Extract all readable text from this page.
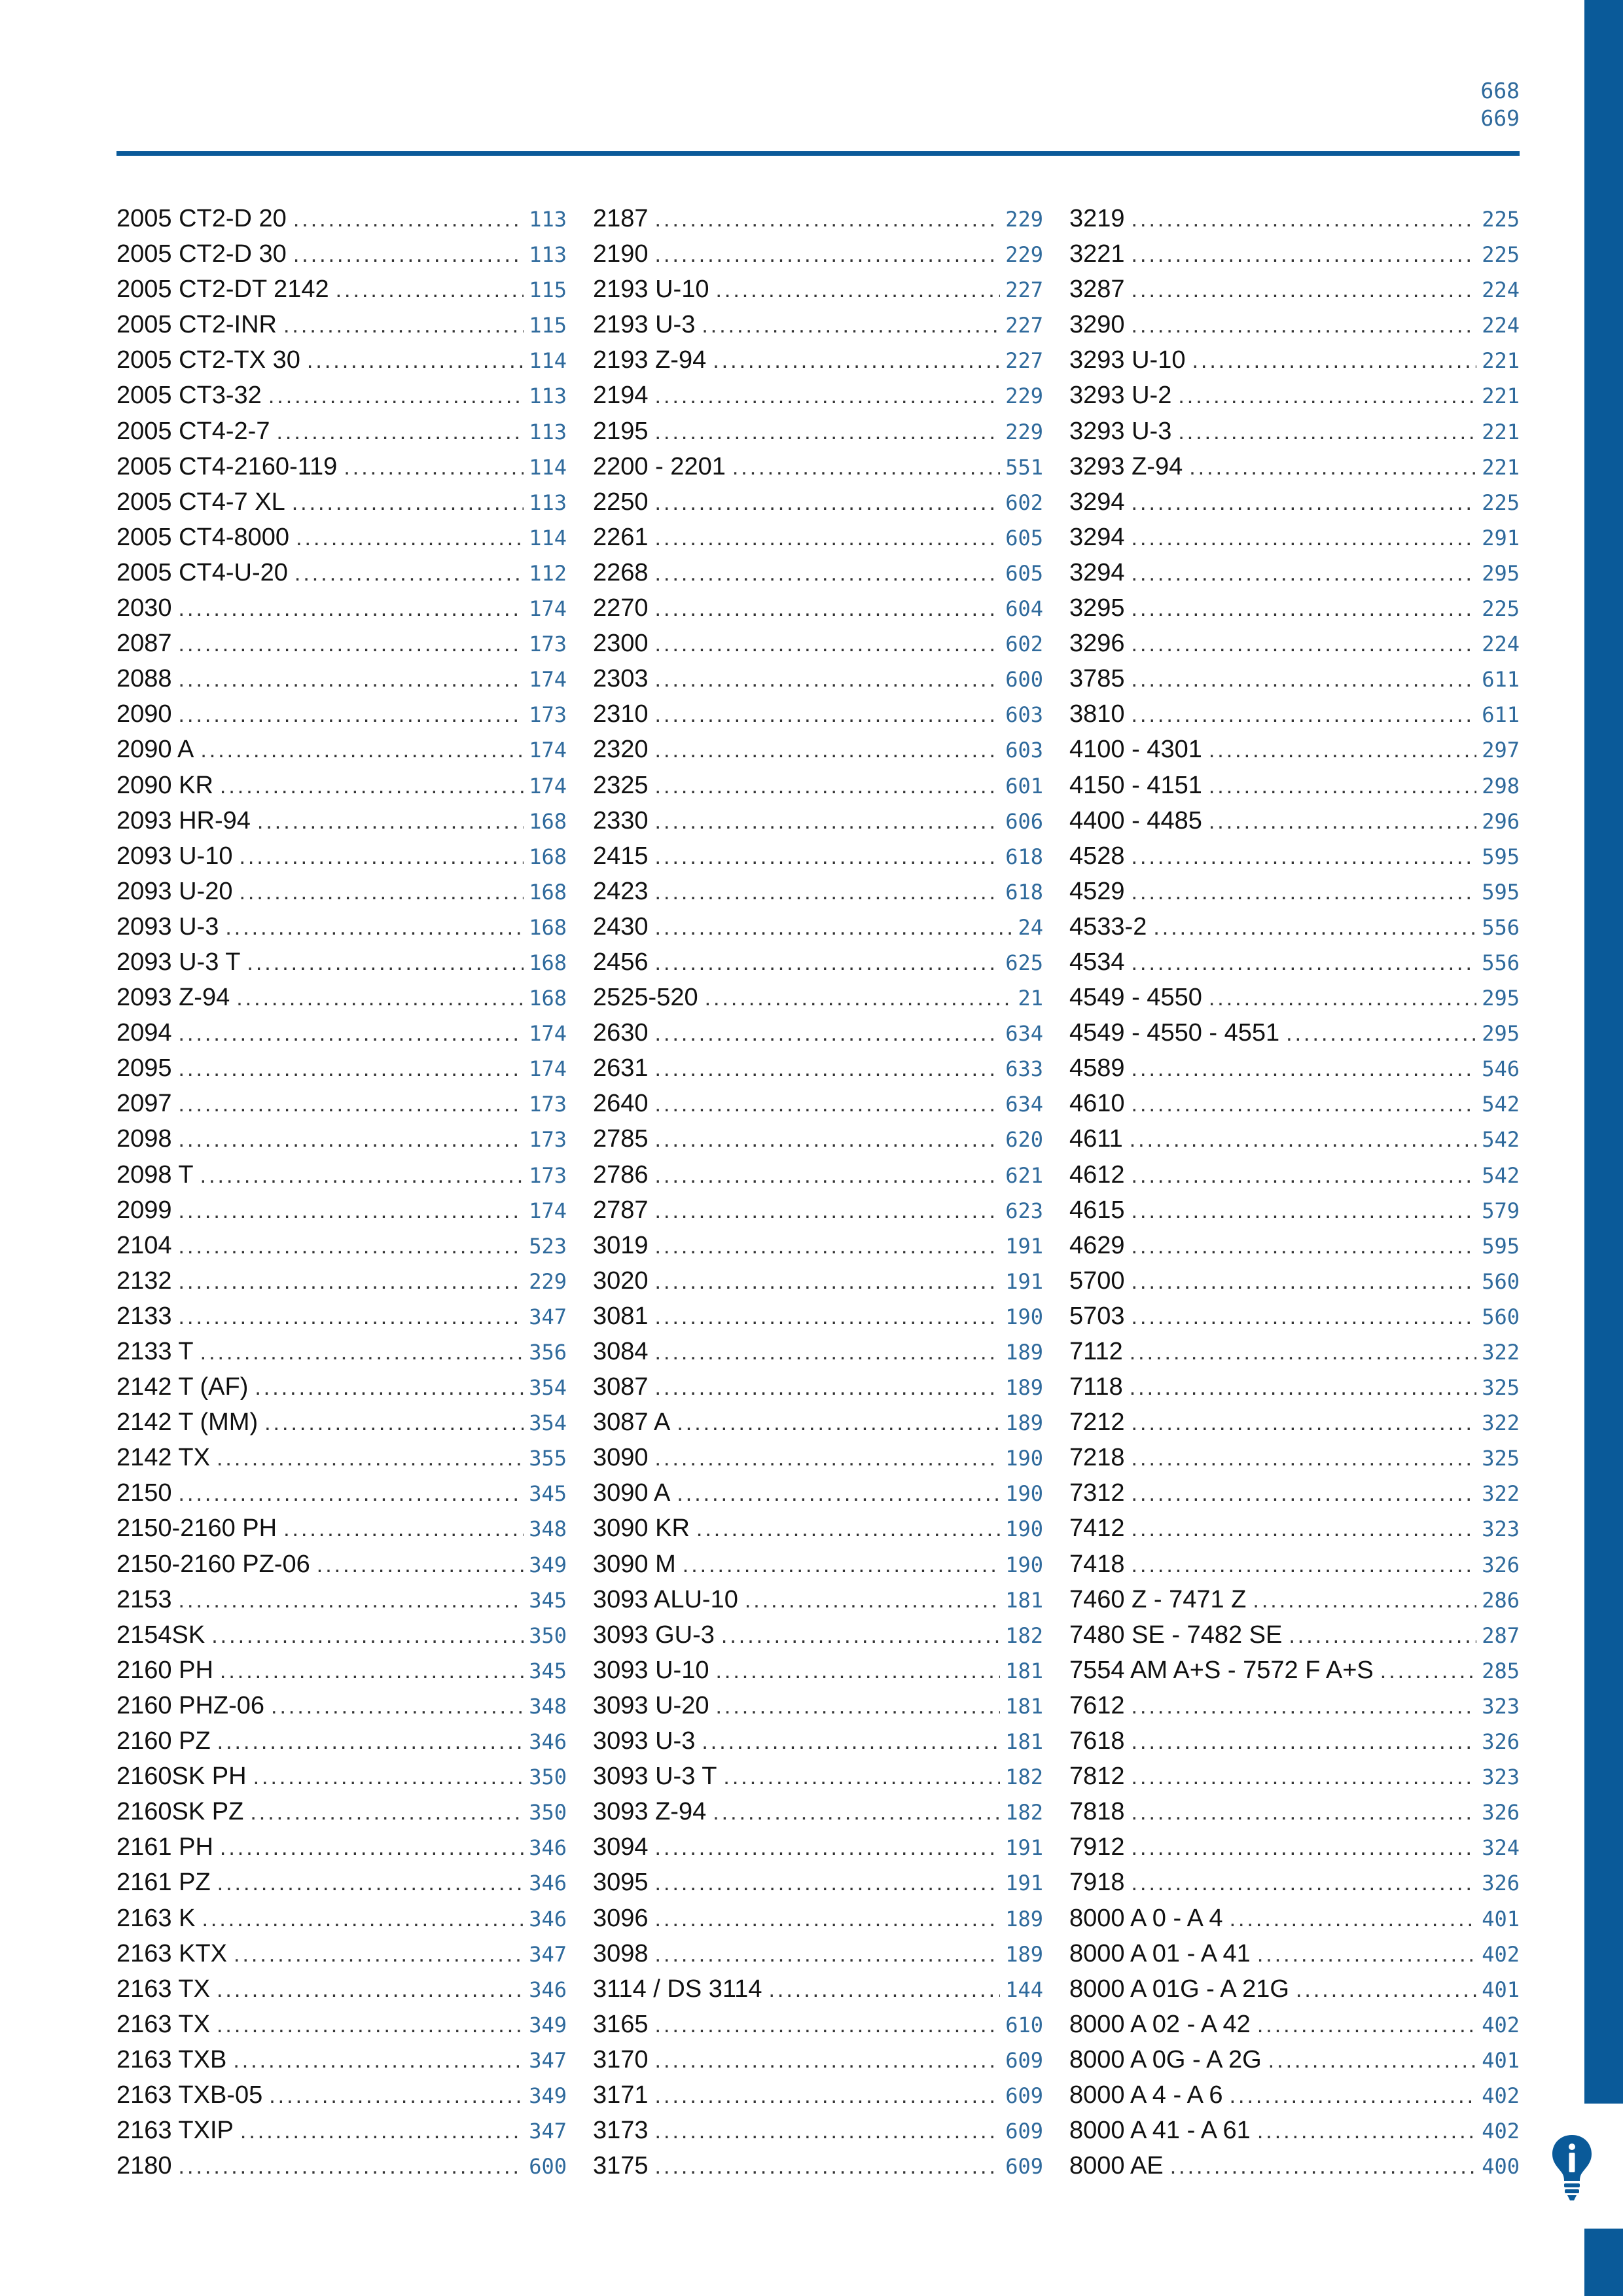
668
669
2005 CT2-D 20 .....	113
2005 CT2-D 30 .....	113
2005 CT2-DT 2142 .....	115
2005 CT2-INR .....	115
2005 CT2-TX 30 .....	114
2005 CT3-32 .....	113
2005 CT4-2-7 .....	113
2005 CT4-2160-119 .....	114
2005 CT4-7 XL .....	113
2005 CT4-8000 .....	114
2005 CT4-U-20 .....	112
2030 .....	174
2087 .....	173
2088 .....	174
2090 .....	173
2090 A .....	174
2090 KR .....	174
2093 HR-94 .....	168
2093 U-10 .....	168
2093 U-20 .....	168
2093 U-3 .....	168
2093 U-3 T .....	168
2093 Z-94 .....	168
2094 .....	174
2095 .....	174
2097 .....	173
2098 .....	173
2098 T .....	173
2099 .....	174
2104 .....	523
2132 .....	229
2133 .....	347
2133 T .....	356
2142 T (AF) .....	354
2142 T (MM) .....	354
2142 TX .....	355
2150 .....	345
2150-2160 PH .....	348
2150-2160 PZ-06 .....	349
2153 .....	345
2154SK .....	350
2160 PH .....	345
2160 PHZ-06 .....	348
2160 PZ .....	346
2160SK PH .....	350
2160SK PZ .....	350
2161 PH .....	346
2161 PZ .....	346
2163 K .....	346
2163 KTX .....	347
2163 TX .....	346
2163 TX .....	349
2163 TXB .....	347
2163 TXB-05 .....	349
2163 TXIP .....	347
2180 .....	600
2187 .....	229
2190 .....	229
2193 U-10 .....	227
2193 U-3 .....	227
2193 Z-94 .....	227
2194 .....	229
2195 .....	229
2200 - 2201 .....	551
2250 .....	602
2261 .....	605
2268 .....	605
2270 .....	604
2300 .....	602
2303 .....	600
2310 .....	603
2320 .....	603
2325 .....	601
2330 .....	606
2415 .....	618
2423 .....	618
2430 .....	24
2456 .....	625
2525-520 .....	21
2630 .....	634
2631 .....	633
2640 .....	634
2785 .....	620
2786 .....	621
2787 .....	623
3019 .....	191
3020 .....	191
3081 .....	190
3084 .....	189
3087 .....	189
3087 A .....	189
3090 .....	190
3090 A .....	190
3090 KR .....	190
3090 M .....	190
3093 ALU-10 .....	181
3093 GU-3 .....	182
3093 U-10 .....	181
3093 U-20 .....	181
3093 U-3 .....	181
3093 U-3 T .....	182
3093 Z-94 .....	182
3094 .....	191
3095 .....	191
3096 .....	189
3098 .....	189
3114 / DS 3114 .....	144
3165 .....	610
3170 .....	609
3171 .....	609
3173 .....	609
3175 .....	609
3219 .....	225
3221 .....	225
3287 .....	224
3290 .....	224
3293 U-10 .....	221
3293 U-2 .....	221
3293 U-3 .....	221
3293 Z-94 .....	221
3294 .....	225
3294 .....	291
3294 .....	295
3295 .....	225
3296 .....	224
3785 .....	611
3810 .....	611
4100 - 4301 .....	297
4150 - 4151 .....	298
4400 - 4485 .....	296
4528 .....	595
4529 .....	595
4533-2 .....	556
4534 .....	556
4549 - 4550 .....	295
4549 - 4550 - 4551 .....	295
4589 .....	546
4610 .....	542
4611 .....	542
4612 .....	542
4615 .....	579
4629 .....	595
5700 .....	560
5703 .....	560
7112 .....	322
7118 .....	325
7212 .....	322
7218 .....	325
7312 .....	322
7412 .....	323
7418 .....	326
7460 Z - 7471 Z .....	286
7480 SE - 7482 SE .....	287
7554 AM A+S - 7572 F A+S .....	285
7612 .....	323
7618 .....	326
7812 .....	323
7818 .....	326
7912 .....	324
7918 .....	326
8000 A 0 - A 4 .....	401
8000 A 01 - A 41 .....	402
8000 A 01G - A 21G .....	401
8000 A 02 - A 42 .....	402
8000 A 0G - A 2G .....	401
8000 A 4 - A 6 .....	402
8000 A 41 - A 61 .....	402
8000 AE .....	400
